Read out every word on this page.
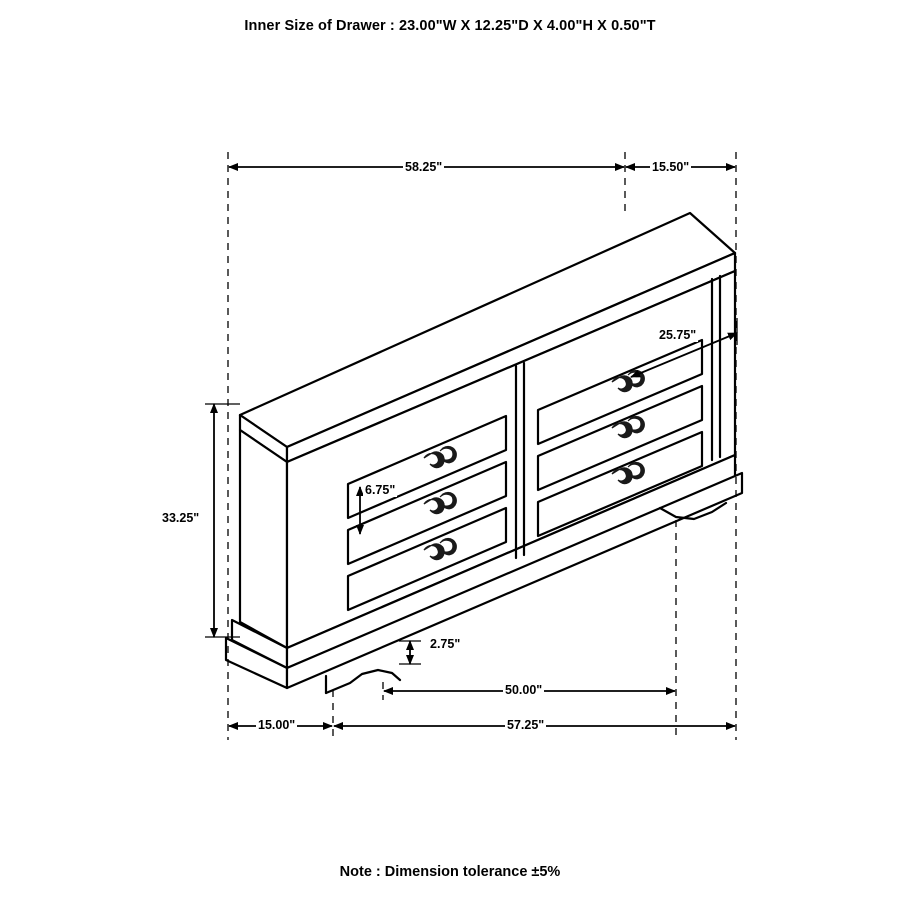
Inner Size of Drawer : 23.00"W X 12.25"D X 4.00"H X 0.50"T
58.25"	15.50"
25.75"
6.75"
33.25"
2.75"
50.00"
15.00"	57.25"
Note : Dimension tolerance ±5%
